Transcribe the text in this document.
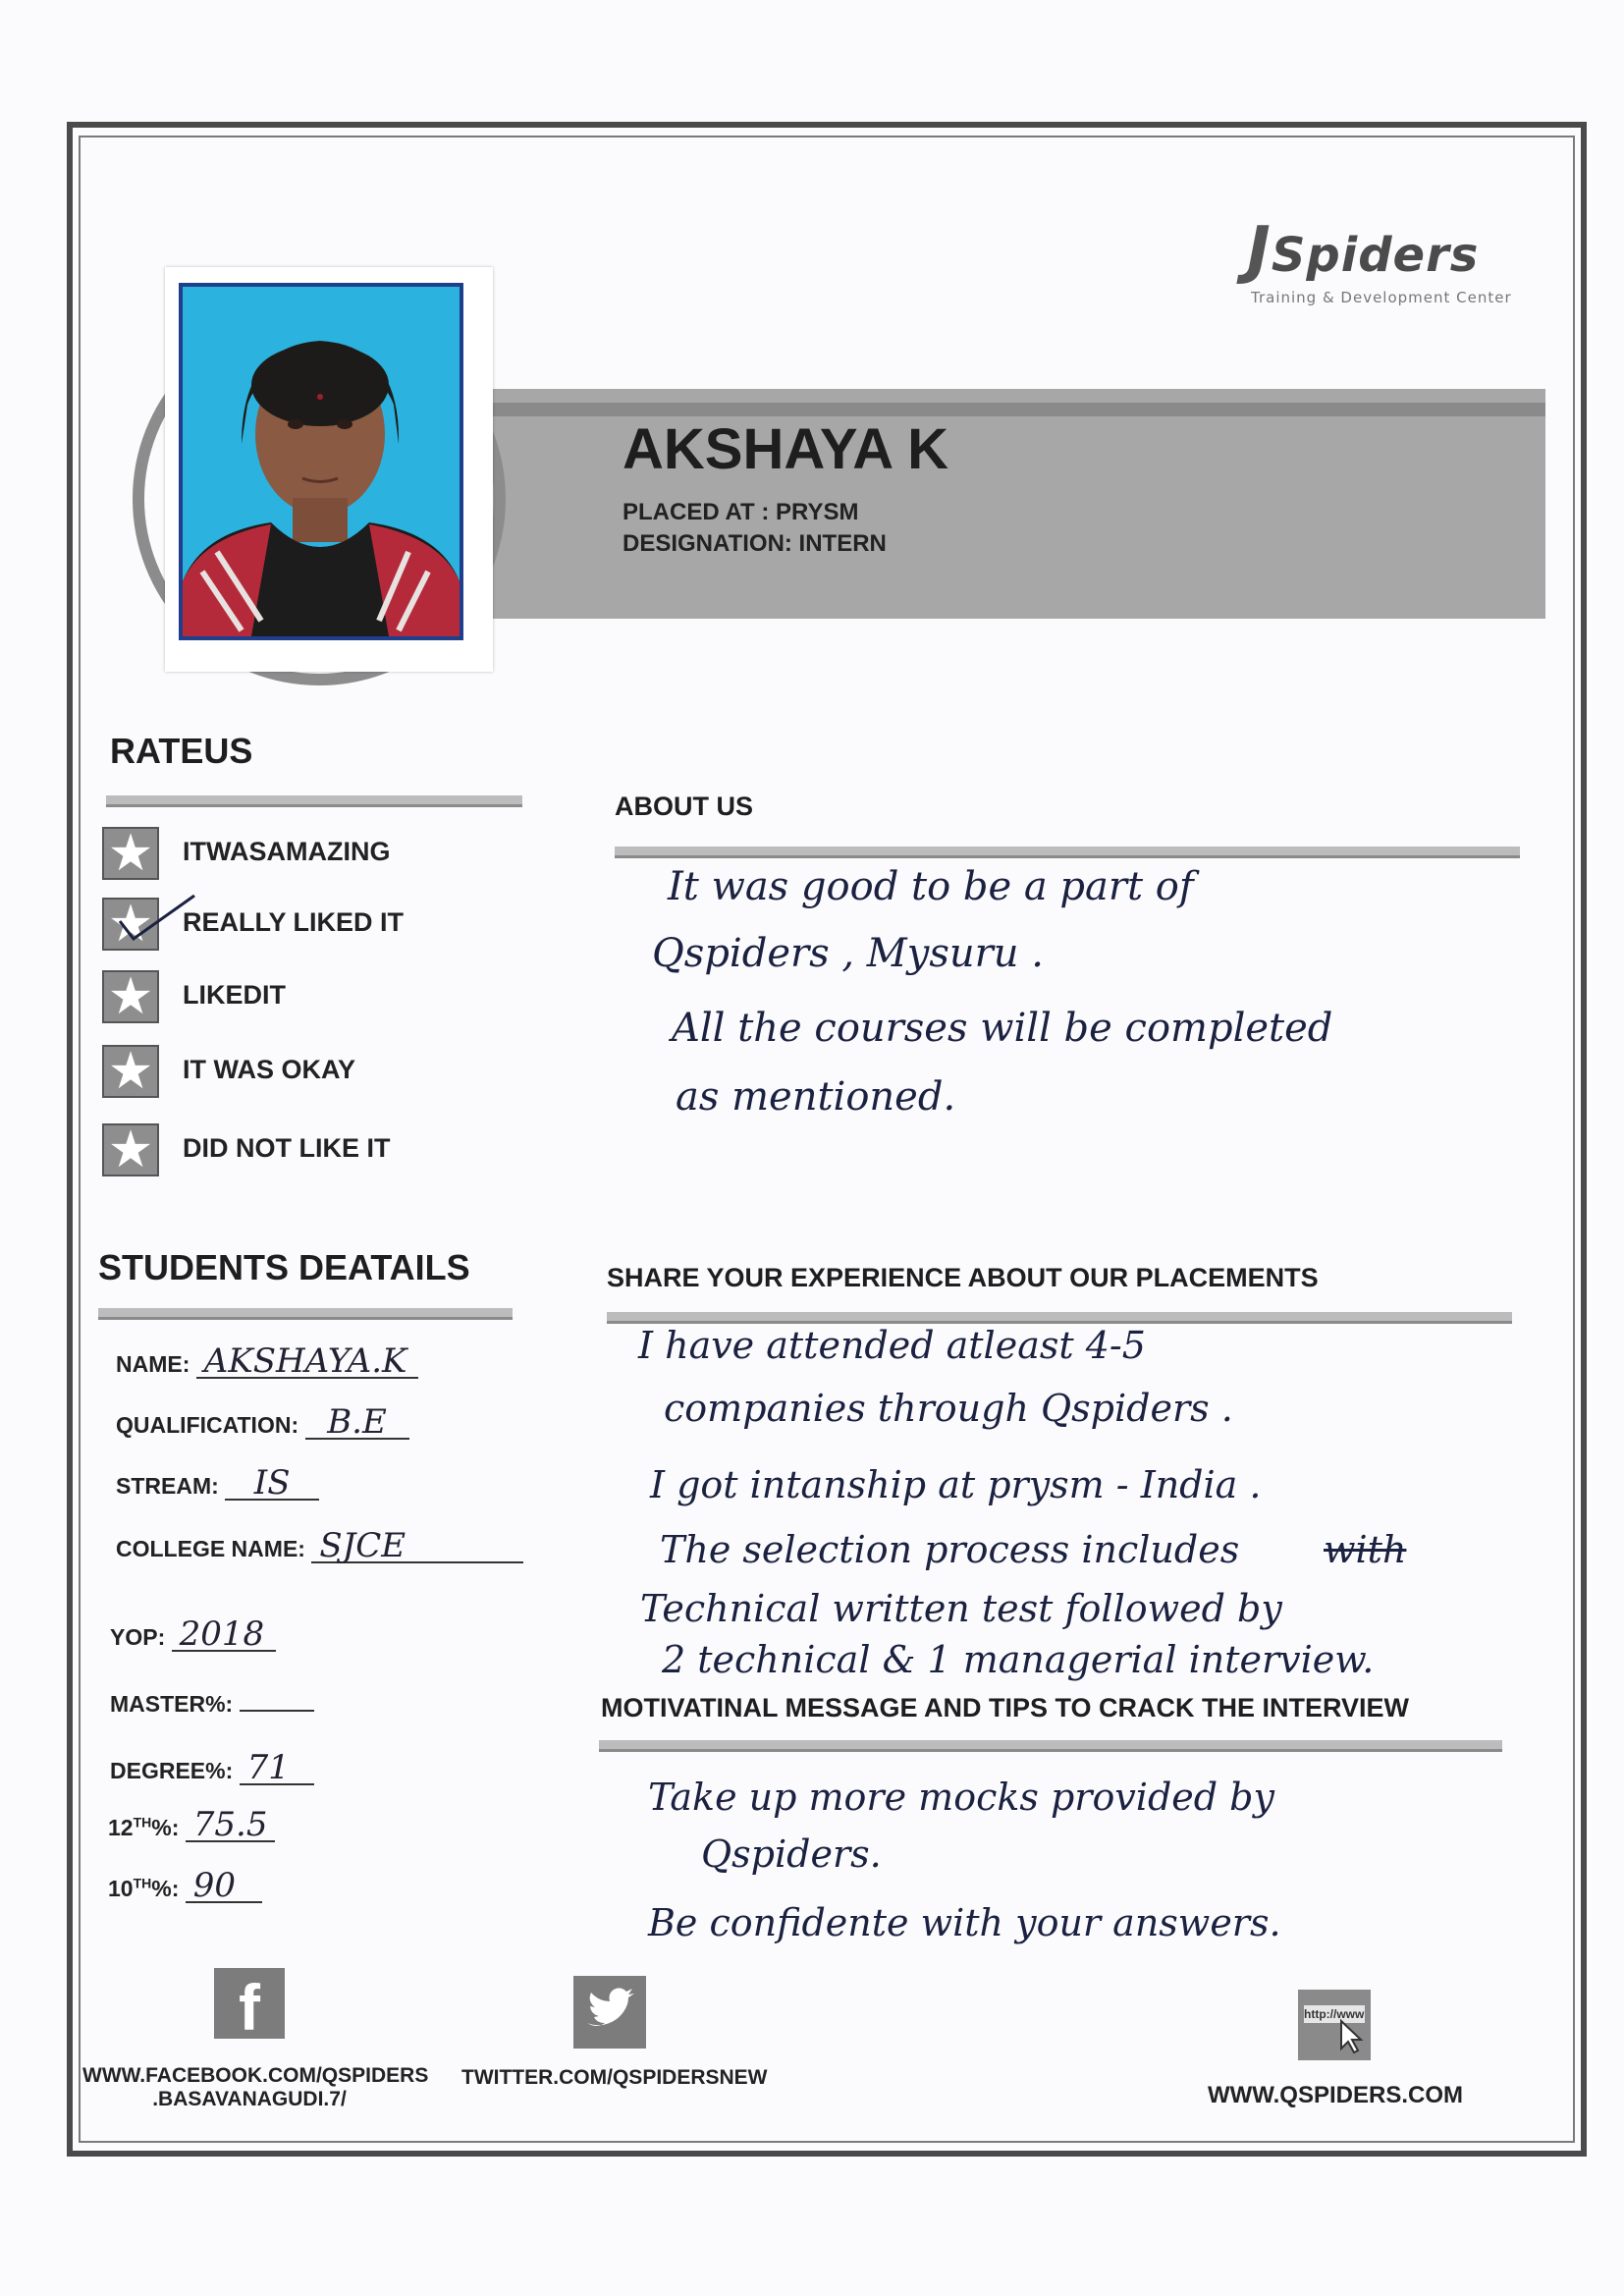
JSpiders
Training & Development Center
AKSHAYA K
PLACED AT : PRYSM
DESIGNATION: INTERN
RATEUS
★ ITWASAMAZING
★ REALLY LIKED IT
★ LIKEDIT
★ IT WAS OKAY
★ DID NOT LIKE IT
ABOUT US
It was good to be a part of
Qspiders , Mysuru .
All the courses will be completed
as mentioned.
STUDENTS DEATAILS
NAME: AKSHAYA.K
QUALIFICATION: B.E
STREAM: IS
COLLEGE NAME: SJCE
YOP: 2018
MASTER%:
DEGREE%: 71
12TH%: 75.5
10TH%: 90
SHARE YOUR EXPERIENCE ABOUT OUR PLACEMENTS
I have attended atleast 4-5
companies through Qspiders .
I got intanship at prysm - India .
The selection process includes with
Technical written test followed by
2 technical & 1 managerial interview.
MOTIVATINAL MESSAGE AND TIPS TO CRACK THE INTERVIEW
Take up more mocks provided by
Qspiders.
Be confidente with your answers.
f
WWW.FACEBOOK.COM/QSPIDERS
.BASAVANAGUDI.7/
TWITTER.COM/QSPIDERSNEW
http://www
WWW.QSPIDERS.COM
